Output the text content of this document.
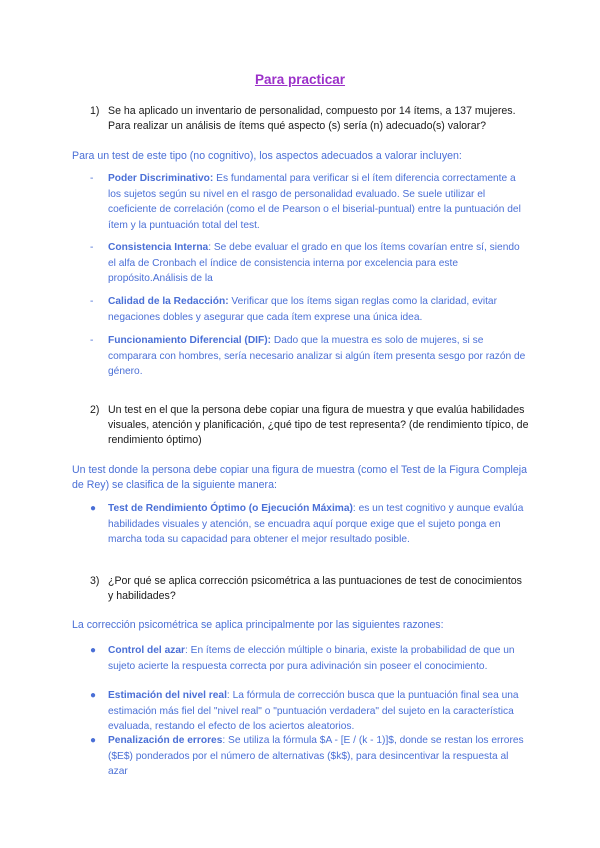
Para practicar
1) Se ha aplicado un inventario de personalidad, compuesto por 14 ítems, a 137 mujeres. Para realizar un análisis de ítems qué aspecto (s) sería (n) adecuado(s) valorar?
Para un test de este tipo (no cognitivo), los aspectos adecuados a valorar incluyen:
- Poder Discriminativo: Es fundamental para verificar si el ítem diferencia correctamente a los sujetos según su nivel en el rasgo de personalidad evaluado. Se suele utilizar el coeficiente de correlación (como el de Pearson o el biserial-puntual) entre la puntuación del ítem y la puntuación total del test.
- Consistencia Interna: Se debe evaluar el grado en que los ítems covarían entre sí, siendo el alfa de Cronbach el índice de consistencia interna por excelencia para este propósito.Análisis de la
- Calidad de la Redacción: Verificar que los ítems sigan reglas como la claridad, evitar negaciones dobles y asegurar que cada ítem exprese una única idea.
- Funcionamiento Diferencial (DIF): Dado que la muestra es solo de mujeres, si se comparara con hombres, sería necesario analizar si algún ítem presenta sesgo por razón de género.
2) Un test en el que la persona debe copiar una figura de muestra y que evalúa habilidades visuales, atención y planificación, ¿qué tipo de test representa? (de rendimiento típico, de rendimiento óptimo)
Un test donde la persona debe copiar una figura de muestra (como el Test de la Figura Compleja de Rey) se clasifica de la siguiente manera:
● Test de Rendimiento Óptimo (o Ejecución Máxima): es un test cognitivo y aunque evalúa habilidades visuales y atención, se encuadra aquí porque exige que el sujeto ponga en marcha toda su capacidad para obtener el mejor resultado posible.
3) ¿Por qué se aplica corrección psicométrica a las puntuaciones de test de conocimientos y habilidades?
La corrección psicométrica se aplica principalmente por las siguientes razones:
● Control del azar: En ítems de elección múltiple o binaria, existe la probabilidad de que un sujeto acierte la respuesta correcta por pura adivinación sin poseer el conocimiento.
● Estimación del nivel real: La fórmula de corrección busca que la puntuación final sea una estimación más fiel del "nivel real" o "puntuación verdadera" del sujeto en la característica evaluada, restando el efecto de los aciertos aleatorios.
● Penalización de errores: Se utiliza la fórmula $A - [E / (k - 1)]$, donde se restan los errores ($E$) ponderados por el número de alternativas ($k$), para desincentivar la respuesta al azar
